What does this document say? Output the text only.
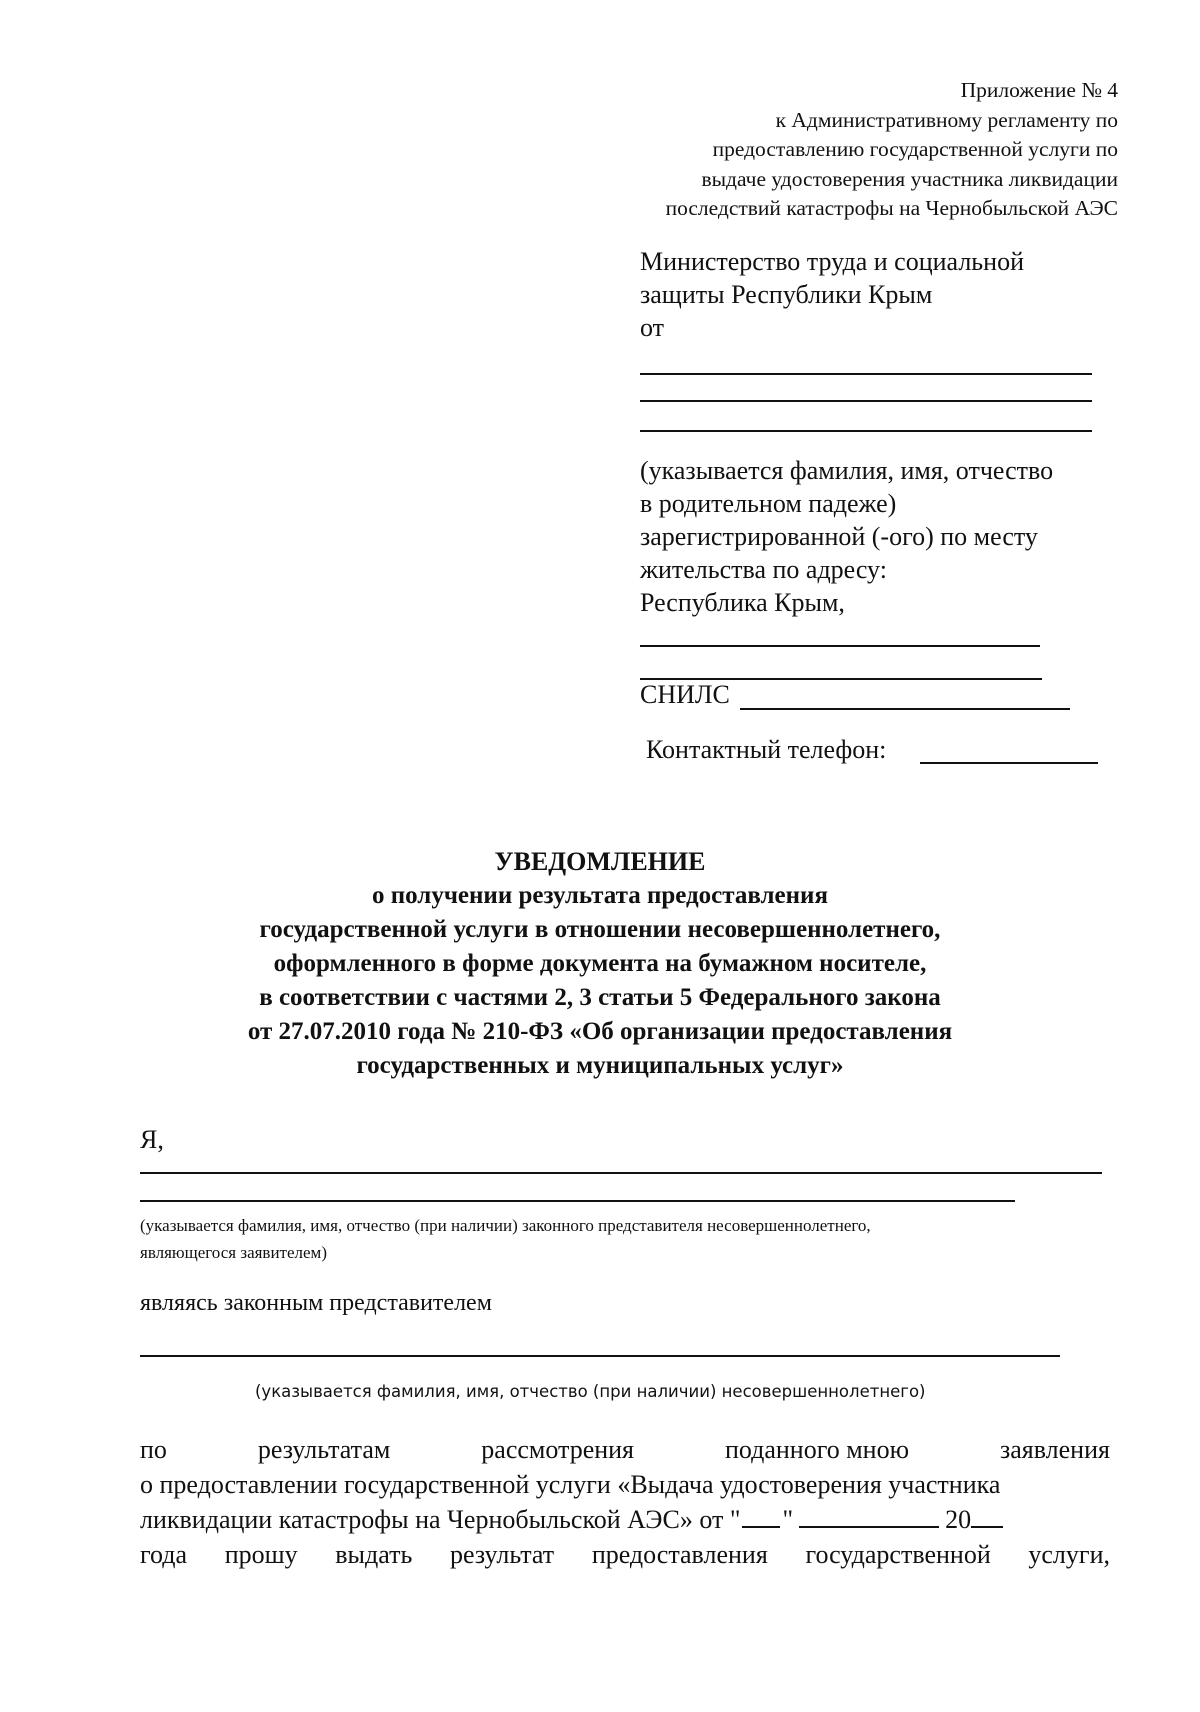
Приложение № 4
к Административному регламенту по
предоставлению государственной услуги по
выдаче удостоверения участника ликвидации
последствий катастрофы на Чернобыльской АЭС
Министерство труда и социальной
защиты Республики Крым
от
(указывается фамилия, имя, отчество
в родительном падеже)
зарегистрированной (-ого) по месту
жительства по адресу:
Республика Крым,
СНИЛС
Контактный телефон:
УВЕДОМЛЕНИЕ
о получении результата предоставления
государственной услуги в отношении несовершеннолетнего,
оформленного в форме документа на бумажном носителе,
в соответствии с частями 2, 3 статьи 5 Федерального закона
от 27.07.2010 года № 210-ФЗ «Об организации предоставления
государственных и муниципальных услуг»
Я,
(указывается фамилия, имя, отчество (при наличии) законного представителя несовершеннолетнего,
являющегося заявителем)
являясь законным представителем
(указывается фамилия, имя, отчество (при наличии) несовершеннолетнего)
по	результатам	рассмотрения	поданного мною	заявления
о предоставлении государственной услуги «Выдача удостоверения участника
ликвидации катастрофы на Чернобыльской АЭС» от " "	20
года прошу выдать результат предоставления государственной услуги,
